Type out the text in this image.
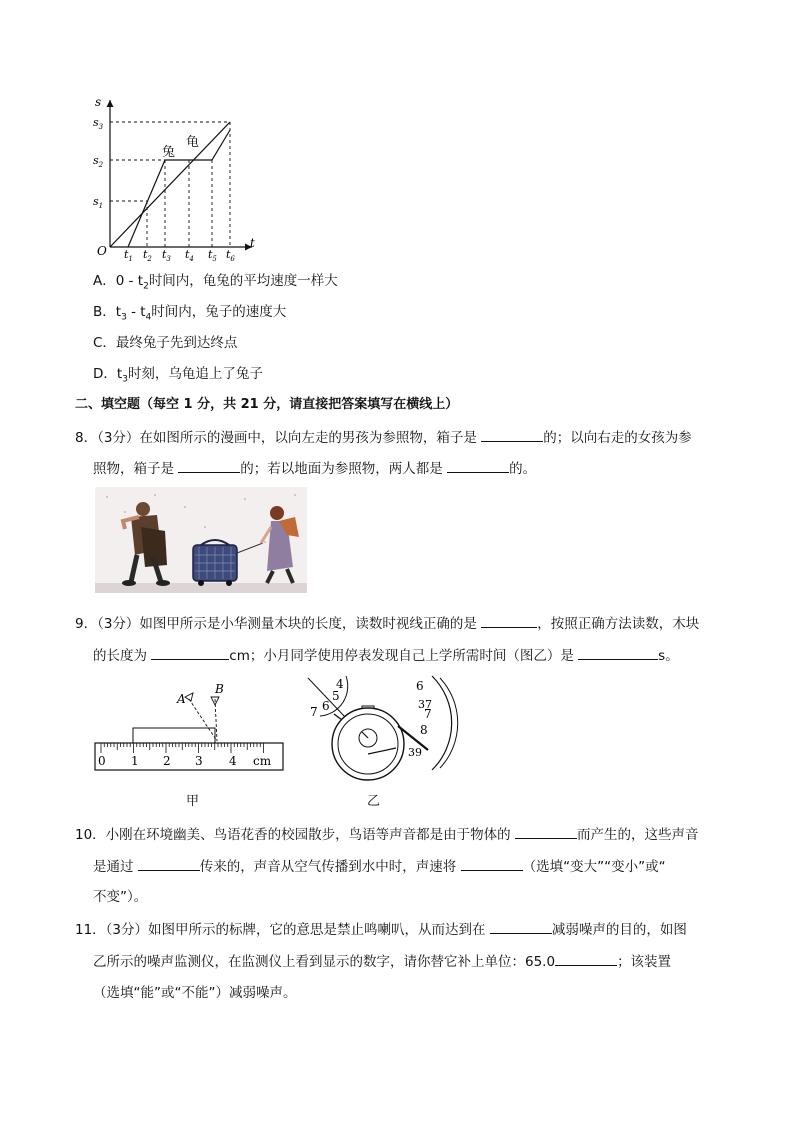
s
t
O
$s_3$
$s_2$
$s_1$
$t_1$ $t_2$ $t_3$ $t_4$ $t_5$ $t_6$
兔
龟
A．$0 - t_2$时间内，龟兔的平均速度一样大
B．$t_3 - t_4$时间内，兔子的速度大
C．最终兔子先到达终点
D．$t_3$时刻，乌龟追上了兔子
二、填空题（每空 1 分，共 21 分，请直接把答案填写在横线上）
8．（3分）在如图所示的漫画中，以向左走的男孩为参照物，箱子是	的；以向右走的女孩为参
照物，箱子是	的；若以地面为参照物，两人都是	的。
9．（3分）如图甲所示是小华测量木块的长度，读数时视线正确的是	，按照正确方法读数，木块
的长度为	cm；小月同学使用停表发现自己上学所需时间（图乙）是	s。
0 1 2 3 4 cm
A
B
甲
4
5
6
7
6
37
7
8
39
乙
10．小刚在环境幽美、鸟语花香的校园散步，鸟语等声音都是由于物体的	而产生的，这些声音
是通过	传来的，声音从空气传播到水中时，声速将	（选填“变大”“变小”或“
不变”）。
11．（3分）如图甲所示的标牌，它的意思是禁止鸣喇叭，从而达到在	减弱噪声的目的，如图
乙所示的噪声监测仪，在监测仪上看到显示的数字，请你替它补上单位：65.0	；该装置
（选填“能”或“不能”）减弱噪声。
